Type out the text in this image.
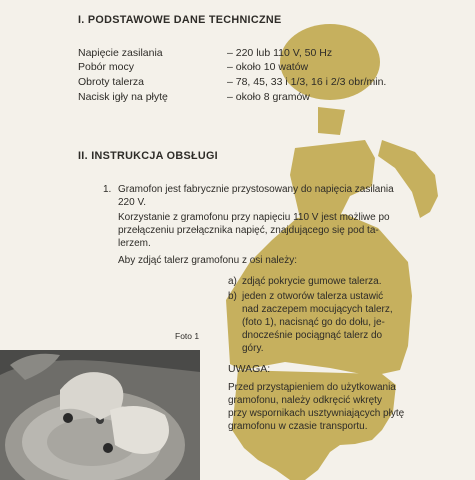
I. PODSTAWOWE DANE TECHNICZNE
Napięcie zasilania	– 220 lub 110 V, 50 Hz
Pobór mocy	– około 10 watów
Obroty talerza	– 78, 45, 33 i 1/3, 16 i 2/3 obr/min.
Nacisk igły na płytę	– około 8 gramów
II. INSTRUKCJA OBSŁUGI
1. Gramofon jest fabrycznie przystosowany do napięcia zasilania
220 V.
Korzystanie z gramofonu przy napięciu 110 V jest możliwe po
przełączeniu przełącznika napięć, znajdującego się pod ta-
lerzem.
Aby zdjąć talerz gramofonu z osi należy:
a) zdjąć pokrycie gumowe talerza.
b) jeden z otworów talerza ustawić
nad zaczepem mocujących talerz,
(foto 1), nacisnąć go do dołu, je-
dnocześnie pociągnąć talerz do
góry.
Foto 1
UWAGA:
Przed przystąpieniem do użytkowania
gramofonu, należy odkręcić wkręty
przy wspornikach usztywniających płytę
gramofonu w czasie transportu.
